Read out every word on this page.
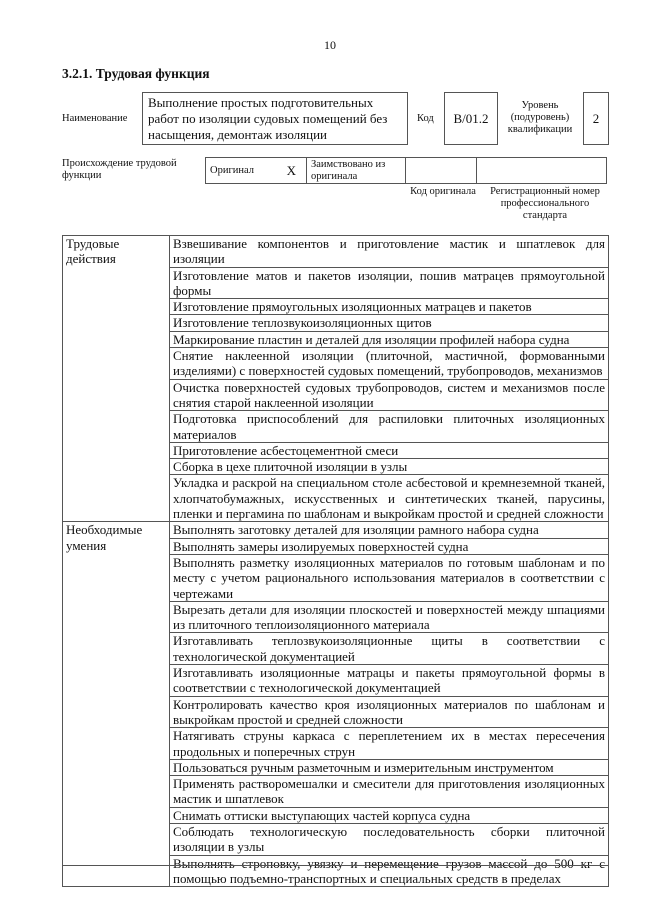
10
3.2.1. Трудовая функция
Наименование
Выполнение простых подготовительных работ по изоляции судовых помещений без насыщения, демонтаж изоляции
Код	B/01.2
Уровень (подуровень) квалификации
2
Происхождение трудовой функции	Оригинал	X	Заимствовано из оригинала		
Код оригинала	Регистрационный номер профессионального стандарта
Трудовые действия	Взвешивание компонентов и приготовление мастик и шпатлевок для изоляции
	Изготовление матов и пакетов изоляции, пошив матрацев прямоугольной формы
	Изготовление прямоугольных изоляционных матрацев и пакетов
	Изготовление теплозвукоизоляционных щитов
	Маркирование пластин и деталей для изоляции профилей набора судна
	Снятие наклеенной изоляции (плиточной, мастичной, формованными изделиями) с поверхностей судовых помещений, трубопроводов, механизмов
	Очистка поверхностей судовых трубопроводов, систем и механизмов после снятия старой наклеенной изоляции
	Подготовка приспособлений для распиловки плиточных изоляционных материалов
	Приготовление асбестоцементной смеси
	Сборка в цехе плиточной изоляции в узлы
	Укладка и раскрой на специальном столе асбестовой и кремнеземной тканей, хлопчатобумажных, искусственных и синтетических тканей, парусины, пленки и пергамина по шаблонам и выкройкам простой и средней сложности
Необходимые умения	Выполнять заготовку деталей для изоляции рамного набора судна
	Выполнять замеры изолируемых поверхностей судна
	Выполнять разметку изоляционных материалов по готовым шаблонам и по месту с учетом рационального использования материалов в соответствии с чертежами
	Вырезать детали для изоляции плоскостей и поверхностей между шпациями из плиточного теплоизоляционного материала
	Изготавливать теплозвукоизоляционные щиты в соответствии с технологической документацией
	Изготавливать изоляционные матрацы и пакеты прямоугольной формы в соответствии с технологической документацией
	Контролировать качество кроя изоляционных материалов по шаблонам и выкройкам простой и средней сложности
	Натягивать струны каркаса с переплетением их в местах пересечения продольных и поперечных струн
	Пользоваться ручным разметочным и измерительным инструментом
	Применять растворомешалки и смесители для приготовления изоляционных мастик и шпатлевок
	Снимать оттиски выступающих частей корпуса судна
	Соблюдать технологическую последовательность сборки плиточной изоляции в узлы
	Выполнять строповку, увязку и перемещение грузов массой до 500 кг с помощью подъемно-транспортных и специальных средств в пределах
